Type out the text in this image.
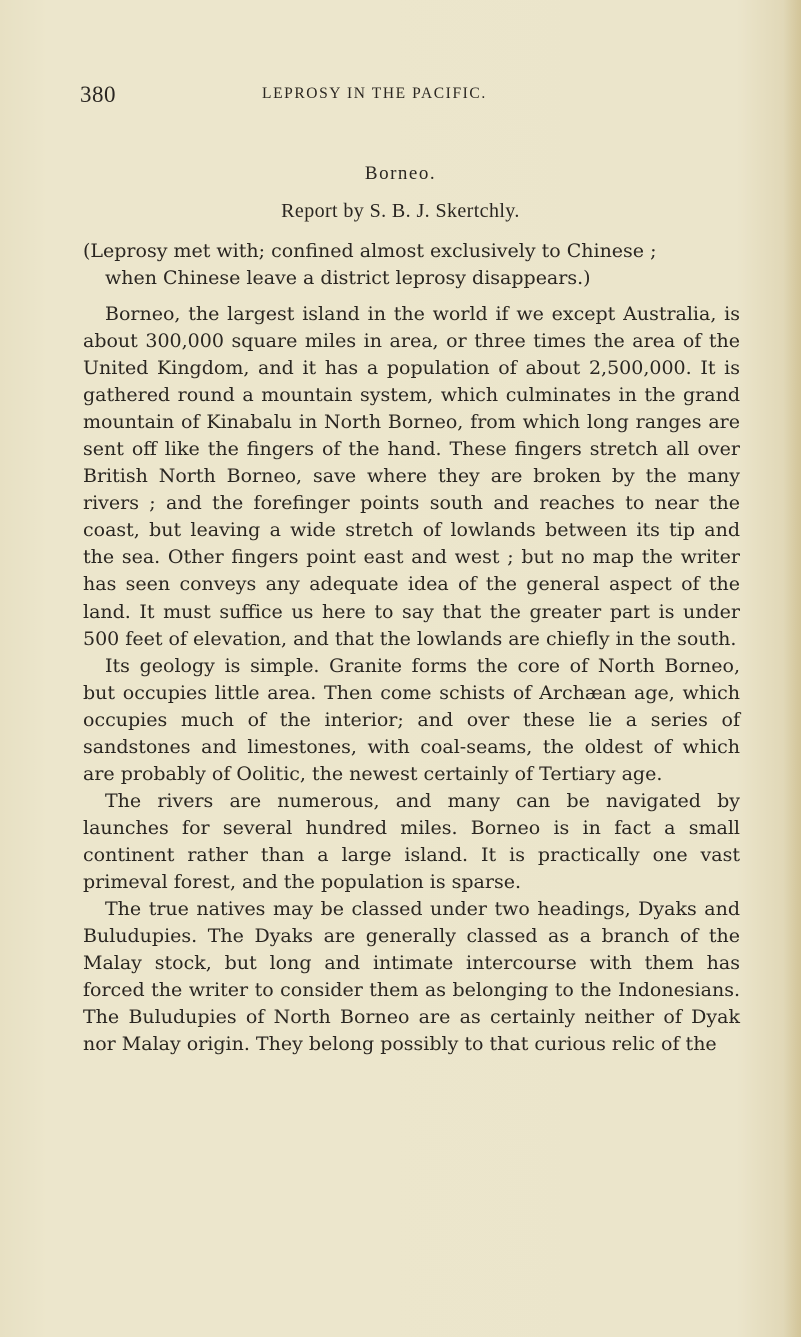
380	LEPROSY IN THE PACIFIC.
Borneo.
Report by S. B. J. Skertchly.
(Leprosy met with; confined almost exclusively to Chinese ;
when Chinese leave a district leprosy disappears.)

Borneo, the largest island in the world if we except Australia, is about 300,000 square miles in area, or three times the area of the United Kingdom, and it has a population of about 2,500,000. It is gathered round a mountain system, which culminates in the grand mountain of Kinabalu in North Borneo, from which long ranges are sent off like the fingers of the hand. These fingers stretch all over British North Borneo, save where they are broken by the many rivers ; and the forefinger points south and reaches to near the coast, but leaving a wide stretch of lowlands between its tip and the sea. Other fingers point east and west ; but no map the writer has seen conveys any adequate idea of the general aspect of the land. It must suffice us here to say that the greater part is under 500 feet of elevation, and that the lowlands are chiefly in the south.

Its geology is simple. Granite forms the core of North Borneo, but occupies little area. Then come schists of Archæan age, which occupies much of the interior; and over these lie a series of sandstones and limestones, with coal-seams, the oldest of which are probably of Oolitic, the newest certainly of Tertiary age.

The rivers are numerous, and many can be navigated by launches for several hundred miles. Borneo is in fact a small continent rather than a large island. It is practically one vast primeval forest, and the population is sparse.

The true natives may be classed under two headings, Dyaks and Buludupies. The Dyaks are generally classed as a branch of the Malay stock, but long and intimate intercourse with them has forced the writer to consider them as belonging to the Indonesians. The Buludupies of North Borneo are as certainly neither of Dyak nor Malay origin. They belong possibly to that curious relic of the
